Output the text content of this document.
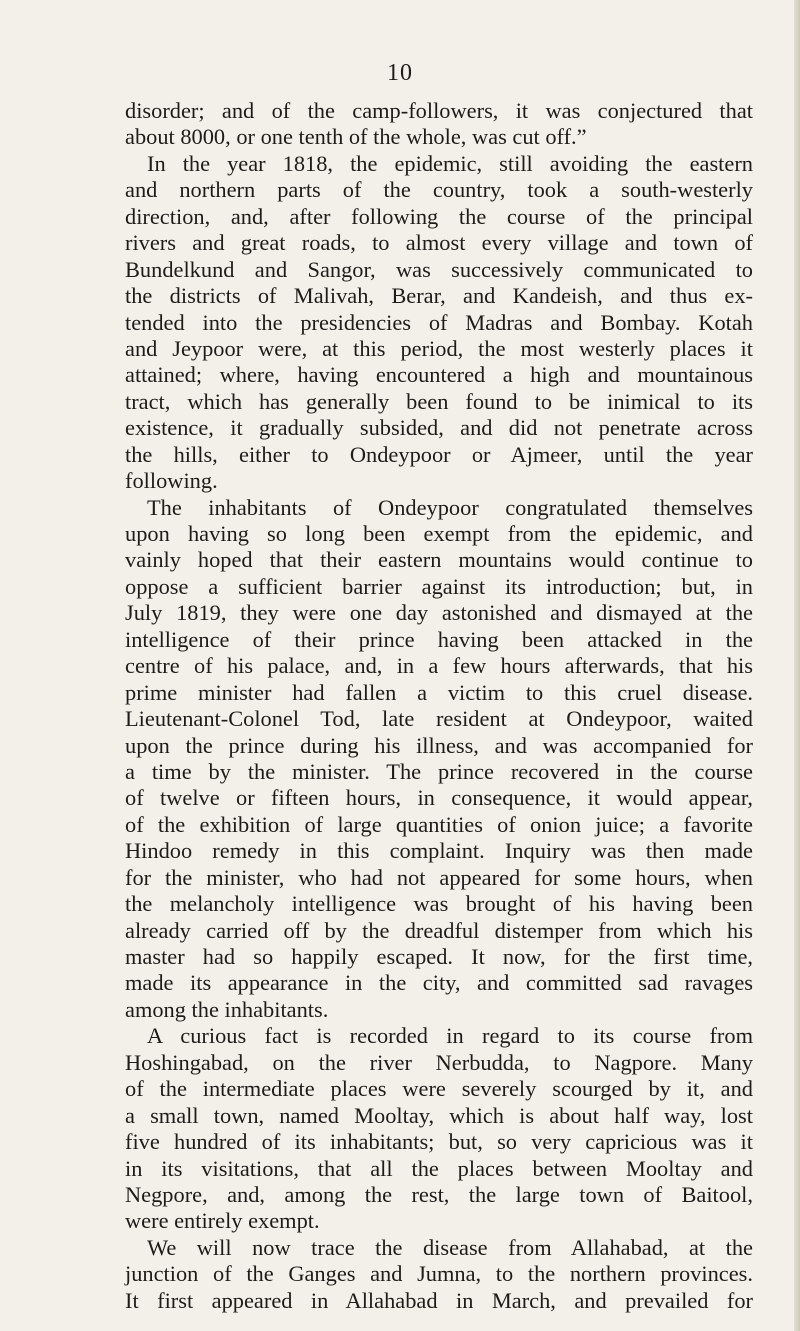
10
disorder; and of the camp-followers, it was conjectured that
about 8000, or one tenth of the whole, was cut off.”
In the year 1818, the epidemic, still avoiding the eastern
and northern parts of the country, took a south-westerly
direction, and, after following the course of the principal
rivers and great roads, to almost every village and town of
Bundelkund and Sangor, was successively communicated to
the districts of Malivah, Berar, and Kandeish, and thus ex-
tended into the presidencies of Madras and Bombay. Kotah
and Jeypoor were, at this period, the most westerly places it
attained; where, having encountered a high and mountainous
tract, which has generally been found to be inimical to its
existence, it gradually subsided, and did not penetrate across
the hills, either to Ondeypoor or Ajmeer, until the year
following.
The inhabitants of Ondeypoor congratulated themselves
upon having so long been exempt from the epidemic, and
vainly hoped that their eastern mountains would continue to
oppose a sufficient barrier against its introduction; but, in
July 1819, they were one day astonished and dismayed at the
intelligence of their prince having been attacked in the
centre of his palace, and, in a few hours afterwards, that his
prime minister had fallen a victim to this cruel disease.
Lieutenant-Colonel Tod, late resident at Ondeypoor, waited
upon the prince during his illness, and was accompanied for
a time by the minister. The prince recovered in the course
of twelve or fifteen hours, in consequence, it would appear,
of the exhibition of large quantities of onion juice; a favorite
Hindoo remedy in this complaint. Inquiry was then made
for the minister, who had not appeared for some hours, when
the melancholy intelligence was brought of his having been
already carried off by the dreadful distemper from which his
master had so happily escaped. It now, for the first time,
made its appearance in the city, and committed sad ravages
among the inhabitants.
A curious fact is recorded in regard to its course from
Hoshingabad, on the river Nerbudda, to Nagpore. Many
of the intermediate places were severely scourged by it, and
a small town, named Mooltay, which is about half way, lost
five hundred of its inhabitants; but, so very capricious was it
in its visitations, that all the places between Mooltay and
Negpore, and, among the rest, the large town of Baitool,
were entirely exempt.
We will now trace the disease from Allahabad, at the
junction of the Ganges and Jumna, to the northern provinces.
It first appeared in Allahabad in March, and prevailed for
